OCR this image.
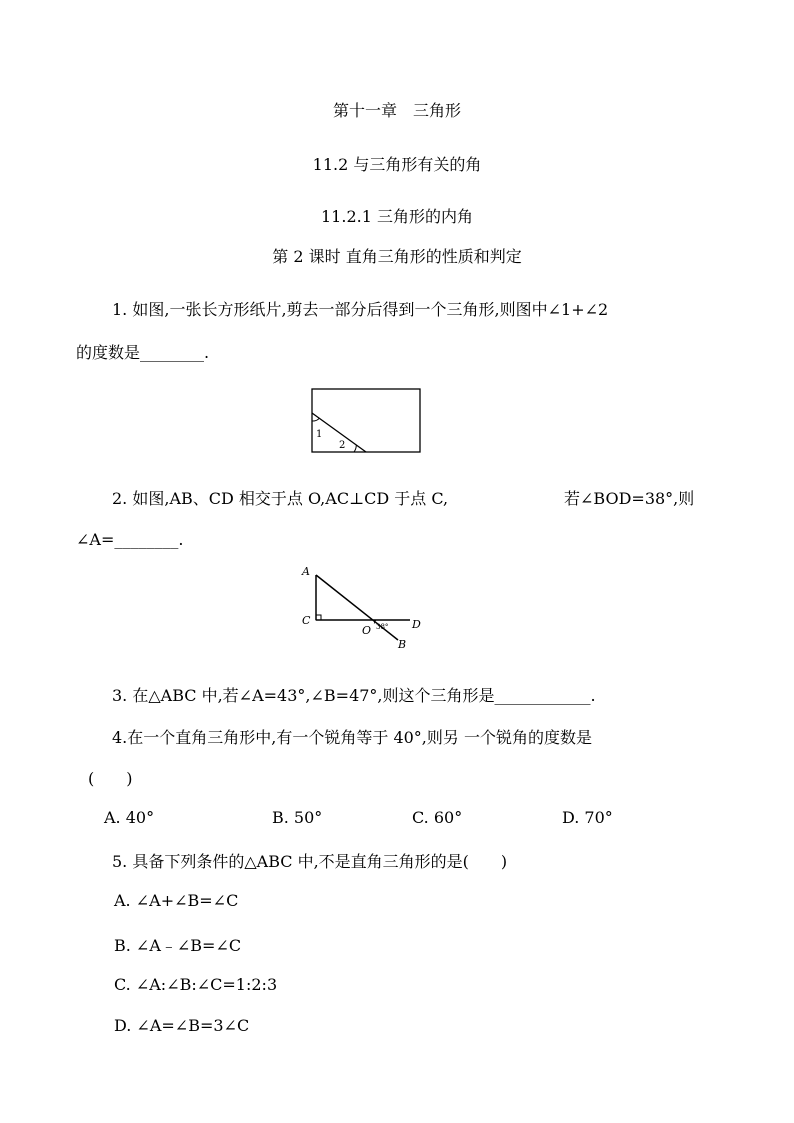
第十一章　三角形
11.2 与三角形有关的角
11.2.1 三角形的内角
第 2 课时 直角三角形的性质和判定
1. 如图,一张长方形纸片,剪去一部分后得到一个三角形,则图中∠1+∠2
的度数是________.
1
2
2. 如图,AB、CD 相交于点 O,AC⊥CD 于点 C,	若∠BOD=38°,则
∠A=________.
A
C
O	D
B
38°
3. 在△ABC 中,若∠A=43°,∠B=47°,则这个三角形是____________.
4.在一个直角三角形中,有一个锐角等于 40°,则另 一个锐角的度数是
(　　)
A. 40°	B. 50°	C. 60°	D. 70°
5. 具备下列条件的△ABC 中,不是直角三角形的是(　　)
A. ∠A+∠B=∠C
B. ∠A﹣∠B=∠C
C. ∠A:∠B:∠C=1:2:3
D. ∠A=∠B=3∠C
